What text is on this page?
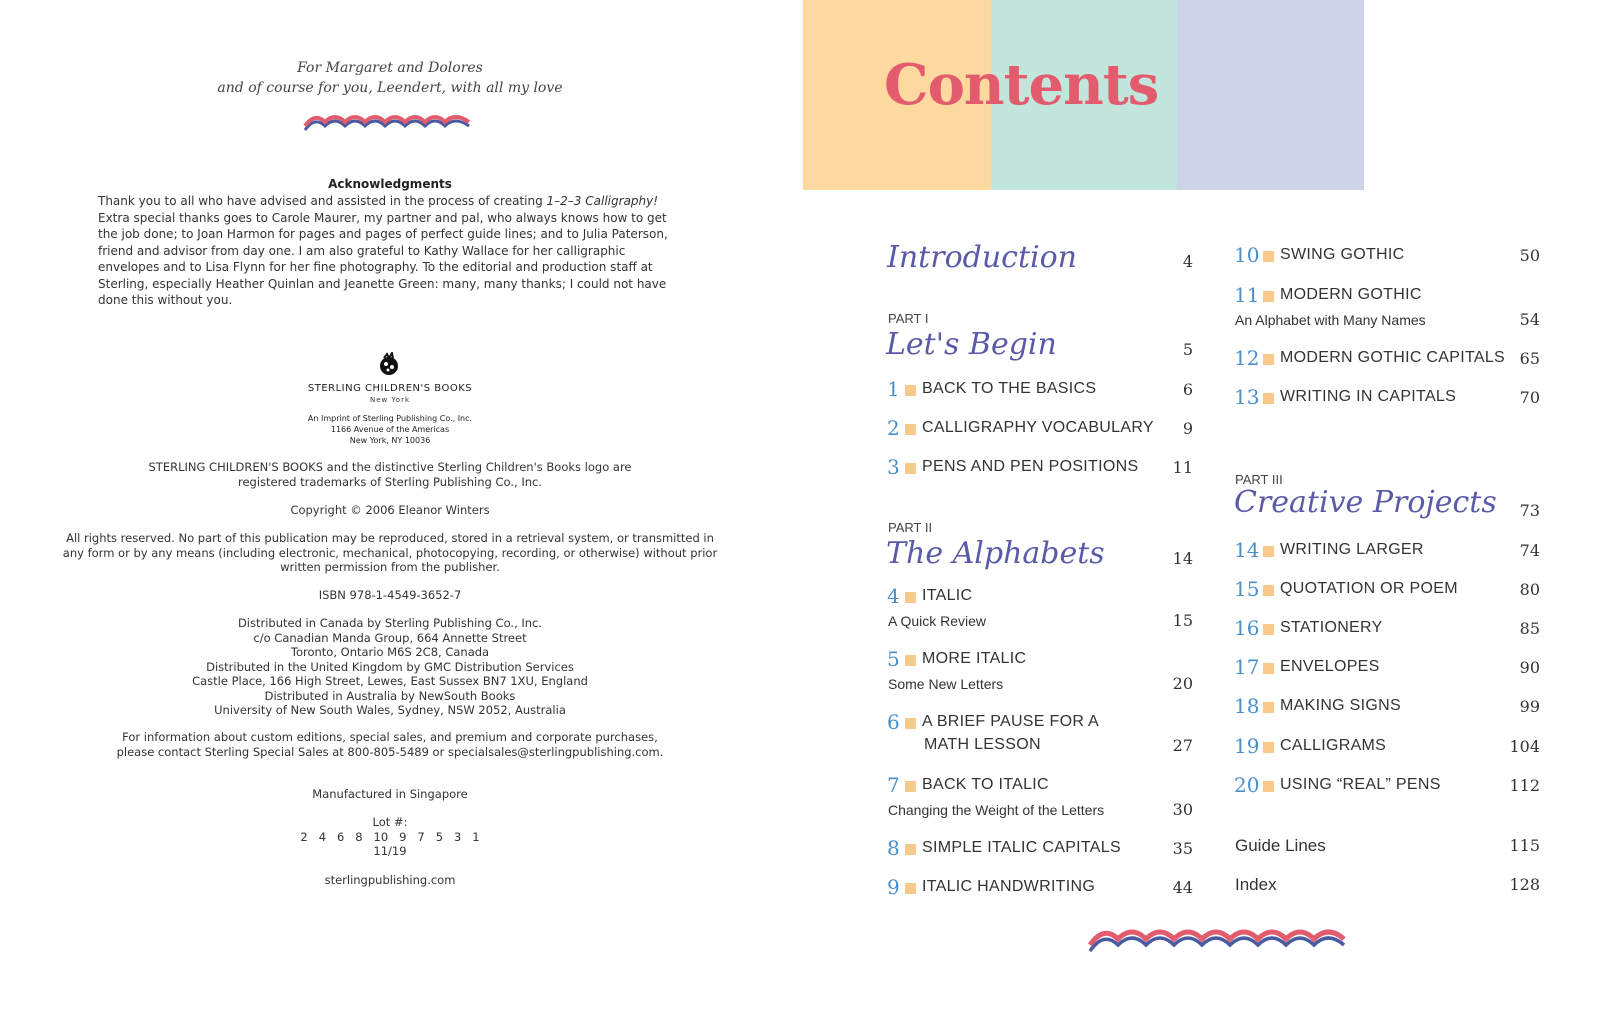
For Margaret and Dolores
and of course for you, Leendert, with all my love
Acknowledgments
Thank you to all who have advised and assisted in the process of creating 1–2–3 Calligraphy! Extra special thanks goes to Carole Maurer, my partner and pal, who always knows how to get the job done; to Joan Harmon for pages and pages of perfect guide lines; and to Julia Paterson, friend and advisor from day one. I am also grateful to Kathy Wallace for her calligraphic envelopes and to Lisa Flynn for her fine photography. To the editorial and production staff at Sterling, especially Heather Quinlan and Jeanette Green: many, many thanks; I could not have done this without you.
STERLING CHILDREN'S BOOKS
New York
An Imprint of Sterling Publishing Co., Inc.
1166 Avenue of the Americas
New York, NY 10036
STERLING CHILDREN'S BOOKS and the distinctive Sterling Children's Books logo are registered trademarks of Sterling Publishing Co., Inc.
Copyright © 2006 Eleanor Winters
All rights reserved. No part of this publication may be reproduced, stored in a retrieval system, or transmitted in any form or by any means (including electronic, mechanical, photocopying, recording, or otherwise) without prior written permission from the publisher.
ISBN 978-1-4549-3652-7
Distributed in Canada by Sterling Publishing Co., Inc.
c/o Canadian Manda Group, 664 Annette Street
Toronto, Ontario M6S 2C8, Canada
Distributed in the United Kingdom by GMC Distribution Services
Castle Place, 166 High Street, Lewes, East Sussex BN7 1XU, England
Distributed in Australia by NewSouth Books
University of New South Wales, Sydney, NSW 2052, Australia
For information about custom editions, special sales, and premium and corporate purchases,
please contact Sterling Special Sales at 800-805-5489 or specialsales@sterlingpublishing.com.
Manufactured in Singapore
Lot #:
2   4   6   8   10   9   7   5   3   1
11/19
sterlingpublishing.com
Contents
Introduction	4
PART I
Let's Begin	5
1 BACK TO THE BASICS	6
2 CALLIGRAPHY VOCABULARY	9
3 PENS AND PEN POSITIONS	11
PART II
The Alphabets	14
4 ITALIC
A Quick Review	15
5 MORE ITALIC
Some New Letters	20
6 A BRIEF PAUSE FOR A
MATH LESSON	27
7 BACK TO ITALIC
Changing the Weight of the Letters	30
8 SIMPLE ITALIC CAPITALS	35
9 ITALIC HANDWRITING	44
10 SWING GOTHIC	50
11 MODERN GOTHIC
An Alphabet with Many Names	54
12 MODERN GOTHIC CAPITALS 65
13 WRITING IN CAPITALS	70
PART III
Creative Projects	73
14 WRITING LARGER	74
15 QUOTATION OR POEM	80
16 STATIONERY	85
17 ENVELOPES	90
18 MAKING SIGNS	99
19 CALLIGRAMS	104
20 USING “REAL” PENS	112
Guide Lines	115
Index	128
